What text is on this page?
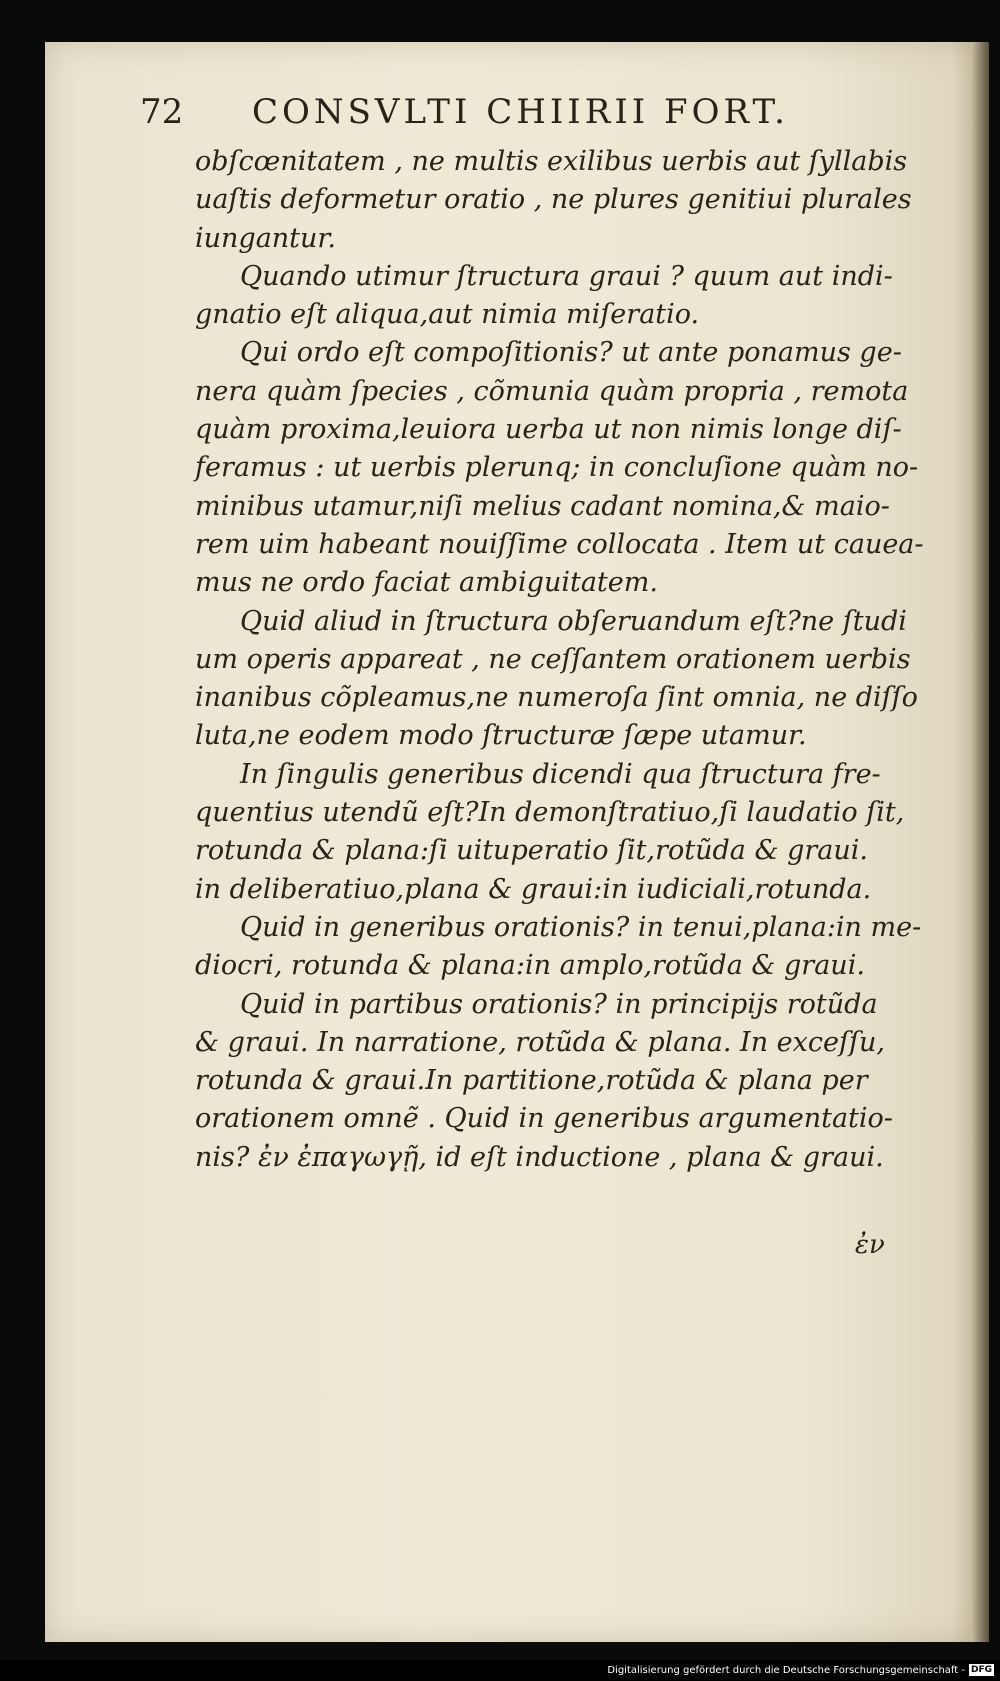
72 CONSVLTI CHIIRII FORT.
obſcœnitatem , ne multis exilibus uerbis aut ſyllabis
uaſtis deformetur oratio , ne plures genitiui plurales
iungantur.
Quando utimur ſtructura graui ? quum aut indi-
gnatio eſt aliqua,aut nimia miſeratio.
Qui ordo eſt compoſitionis? ut ante ponamus ge-
nera quàm ſpecies , cõmunia quàm propria , remota
quàm proxima,leuiora uerba ut non nimis longe diſ-
feramus : ut uerbis plerunq; in concluſione quàm no-
minibus utamur,niſi melius cadant nomina,& maio-
rem uim habeant nouiſſime collocata . Item ut cauea-
mus ne ordo faciat ambiguitatem.
Quid aliud in ſtructura obſeruandum eſt?ne ſtudi
um operis appareat , ne ceſſantem orationem uerbis
inanibus cõpleamus,ne numeroſa ſint omnia, ne diſſo
luta,ne eodem modo ſtructuræ ſæpe utamur.
In ſingulis generibus dicendi qua ſtructura fre-
quentius utendũ eſt?In demonſtratiuo,ſi laudatio ſit,
rotunda & plana:ſi uituperatio ſit,rotũda & graui.
in deliberatiuo,plana & graui:in iudiciali,rotunda.
Quid in generibus orationis? in tenui,plana:in me-
diocri, rotunda & plana:in amplo,rotũda & graui.
Quid in partibus orationis? in principijs rotũda
& graui. In narratione, rotũda & plana. In exceſſu,
rotunda & graui.In partitione,rotũda & plana per
orationem omnẽ . Quid in generibus argumentatio-
nis? ἐν ἐπαγωγῇ, id eſt inductione , plana & graui.
ἐν
Digitalisierung gefördert durch die Deutsche Forschungsgemeinschaft - DFG
